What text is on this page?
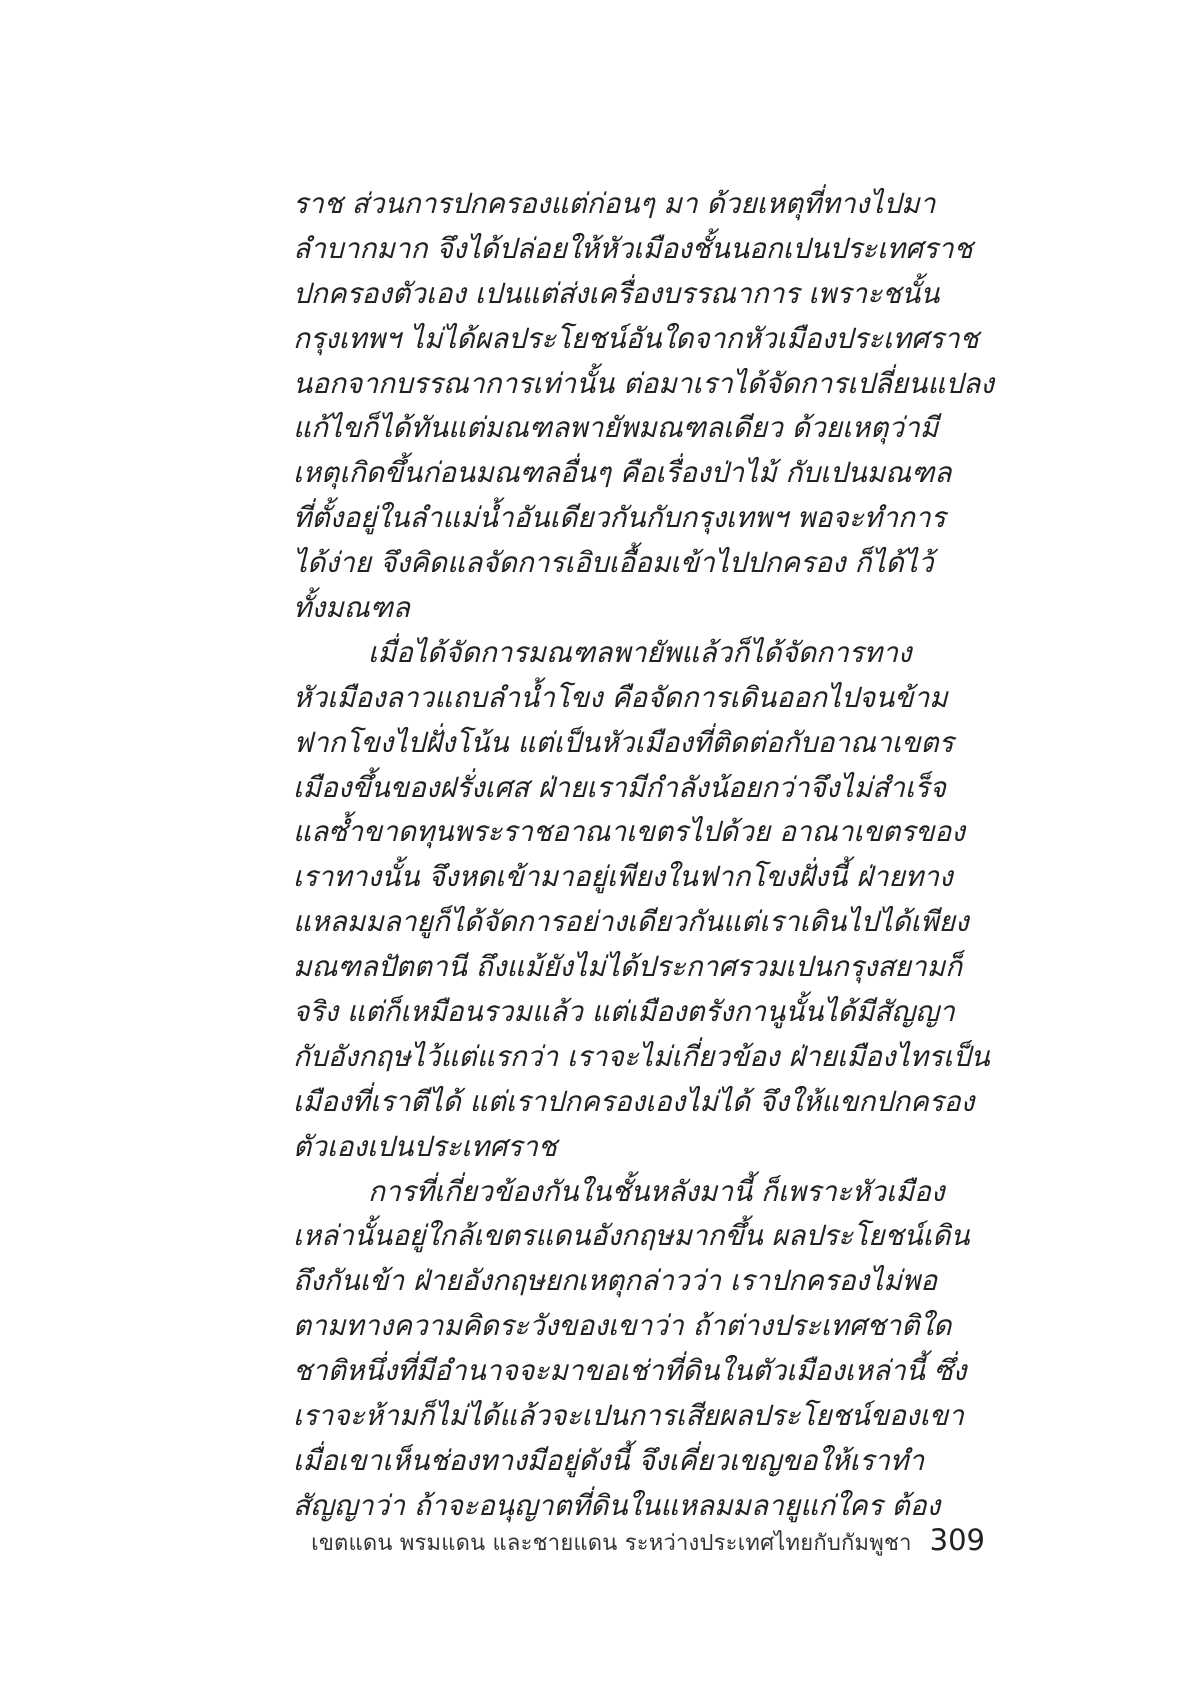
ราช ส่วนการปกครองแต่ก่อนๆ มา ด้วยเหตุที่ทางไปมา
ลำบากมาก จึงได้ปล่อยให้หัวเมืองชั้นนอกเปนประเทศราช
ปกครองตัวเอง เปนแต่ส่งเครื่องบรรณาการ เพราะชนั้น
กรุงเทพฯ ไม่ได้ผลประโยชน์อันใดจากหัวเมืองประเทศราช
นอกจากบรรณาการเท่านั้น ต่อมาเราได้จัดการเปลี่ยนแปลง
แก้ไขก็ได้ทันแต่มณฑลพายัพมณฑลเดียว ด้วยเหตุว่ามี
เหตุเกิดขึ้นก่อนมณฑลอื่นๆ คือเรื่องป่าไม้ กับเปนมณฑล
ที่ตั้งอยู่ในลำแม่น้ำอันเดียวกันกับกรุงเทพฯ พอจะทำการ
ได้ง่าย จึงคิดแลจัดการเอิบเอื้อมเข้าไปปกครอง ก็ได้ไว้
ทั้งมณฑล
เมื่อได้จัดการมณฑลพายัพแล้วก็ได้จัดการทาง
หัวเมืองลาวแถบลำน้ำโขง คือจัดการเดินออกไปจนข้าม
ฟากโขงไปฝั่งโน้น แต่เป็นหัวเมืองที่ติดต่อกับอาณาเขตร
เมืองขึ้นของฝรั่งเศส ฝ่ายเรามีกำลังน้อยกว่าจึงไม่สำเร็จ
แลซ้ำขาดทุนพระราชอาณาเขตรไปด้วย อาณาเขตรของ
เราทางนั้น จึงหดเข้ามาอยู่เพียงในฟากโขงฝั่งนี้ ฝ่ายทาง
แหลมมลายูก็ได้จัดการอย่างเดียวกันแต่เราเดินไปได้เพียง
มณฑลปัตตานี ถึงแม้ยังไม่ได้ประกาศรวมเปนกรุงสยามก็
จริง แต่ก็เหมือนรวมแล้ว แต่เมืองตรังกานูนั้นได้มีสัญญา
กับอังกฤษไว้แต่แรกว่า เราจะไม่เกี่ยวข้อง ฝ่ายเมืองไทรเป็น
เมืองที่เราตีได้ แต่เราปกครองเองไม่ได้ จึงให้แขกปกครอง
ตัวเองเปนประเทศราช
การที่เกี่ยวข้องกันในชั้นหลังมานี้ ก็เพราะหัวเมือง
เหล่านั้นอยู่ใกล้เขตรแดนอังกฤษมากขึ้น ผลประโยชน์เดิน
ถึงกันเข้า ฝ่ายอังกฤษยกเหตุกล่าวว่า เราปกครองไม่พอ
ตามทางความคิดระวังของเขาว่า ถ้าต่างประเทศชาติใด
ชาติหนึ่งที่มีอำนาจจะมาขอเช่าที่ดินในตัวเมืองเหล่านี้ ซึ่ง
เราจะห้ามก็ไม่ได้แล้วจะเปนการเสียผลประโยชน์ของเขา
เมื่อเขาเห็นช่องทางมีอยู่ดังนี้ จึงเคี่ยวเขญขอให้เราทำ
สัญญาว่า ถ้าจะอนุญาตที่ดินในแหลมมลายูแก่ใคร ต้อง
เขตแดน พรมแดน และชายแดน ระหว่างประเทศไทยกับกัมพูชา 309
